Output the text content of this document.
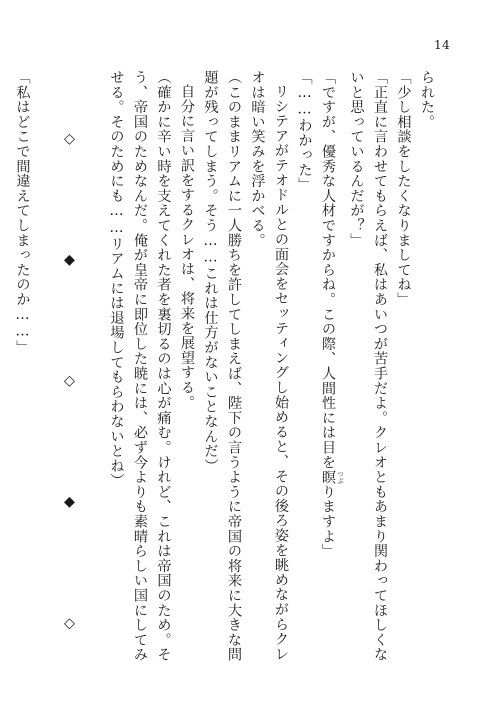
14

られた。

「少し相談をしたくなりましてね」

「正直に言わせてもらえば、私はあいつが苦手だよ。クレオともあまり関わってほしくな

いと思っているんだが？」

「ですが、優秀な人材ですからね。この際、人間性には目を瞑 つぶりますよ」

「……わかった」

リシテアがテオドルとの面会をセッティングし始めると、その後ろ姿を眺めながらクレ

オは暗い笑みを浮かべる。

（このままリアムに一人勝ちを許してしまえば、陛下の言うように帝国の将来に大きな問

題が残ってしまう。そう……これは仕方がないことなんだ）

自分に言い訳をするクレオは、将来を展望する。

（確かに辛い時を支えてくれた者を裏切るのは心が痛む。けれど、これは帝国のため。そ

う、帝国のためなんだ。俺が皇帝に即位した暁には、必ず今よりも素晴らしい国にしてみ

せる。そのためにも……リアムには退場してもらわないとね）

◇　◆　◇　◆　◇

「私はどこで間違えてしまったのか……」
